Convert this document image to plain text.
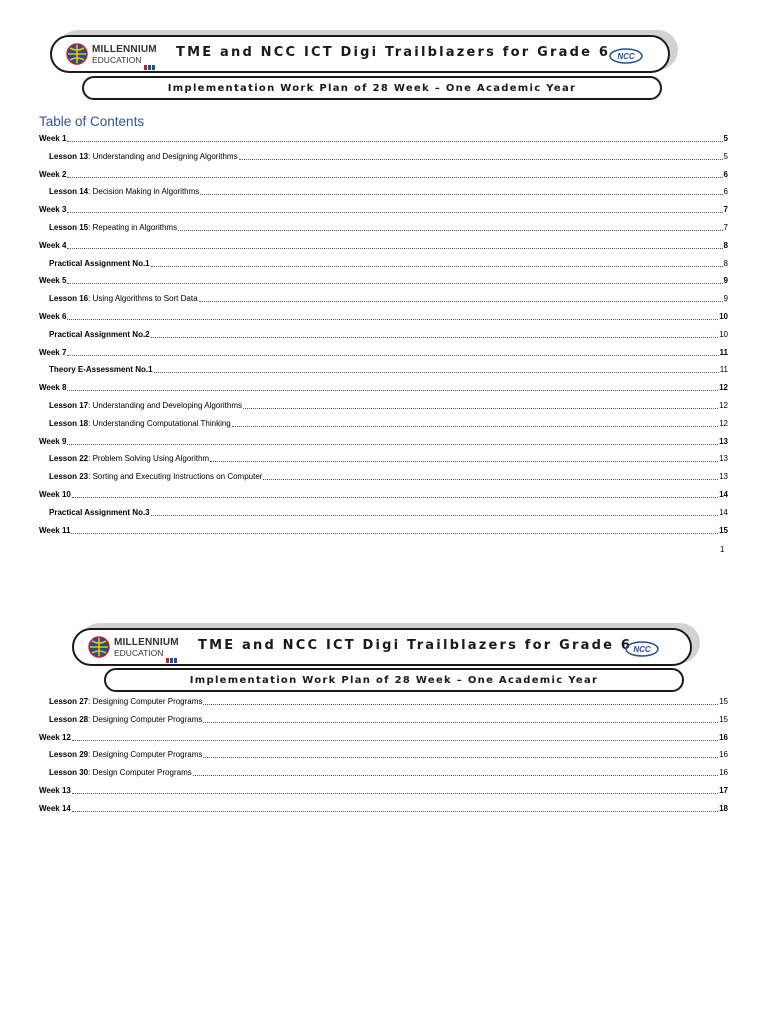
MILLENNIUM
EDUCATION	TME and NCC ICT Digi Trailblazers for Grade 6 NCC
Implementation Work Plan of 28 Week – One Academic Year
Table of Contents
Week 1	5
Lesson 13: Understanding and Designing Algorithms	5
Week 2	6
Lesson 14: Decision Making in Algorithms	6
Week 3	7
Lesson 15: Repeating in Algorithms	7
Week 4	8
Practical Assignment No.1	8
Week 5	9
Lesson 16: Using Algorithms to Sort Data	9
Week 6	10
Practical Assignment No.2	10
Week 7	11
Theory E-Assessment No.1	11
Week 8	12
Lesson 17: Understanding and Developing Algorithms	12
Lesson 18: Understanding Computational Thinking	12
Week 9	13
Lesson 22: Problem Solving Using Algorithm	13
Lesson 23: Sorting and Executing Instructions on Computer	13
Week 10	14
Practical Assignment No.3	14
Week 11	15
1
MILLENNIUM
EDUCATION	TME and NCC ICT Digi Trailblazers for Grade 6 NCC
Implementation Work Plan of 28 Week – One Academic Year
Lesson 27: Designing Computer Programs	15
Lesson 28: Designing Computer Programs	15
Week 12	16
Lesson 29: Designing Computer Programs	16
Lesson 30: Design Computer Programs	16
Week 13	17
Week 14	18
